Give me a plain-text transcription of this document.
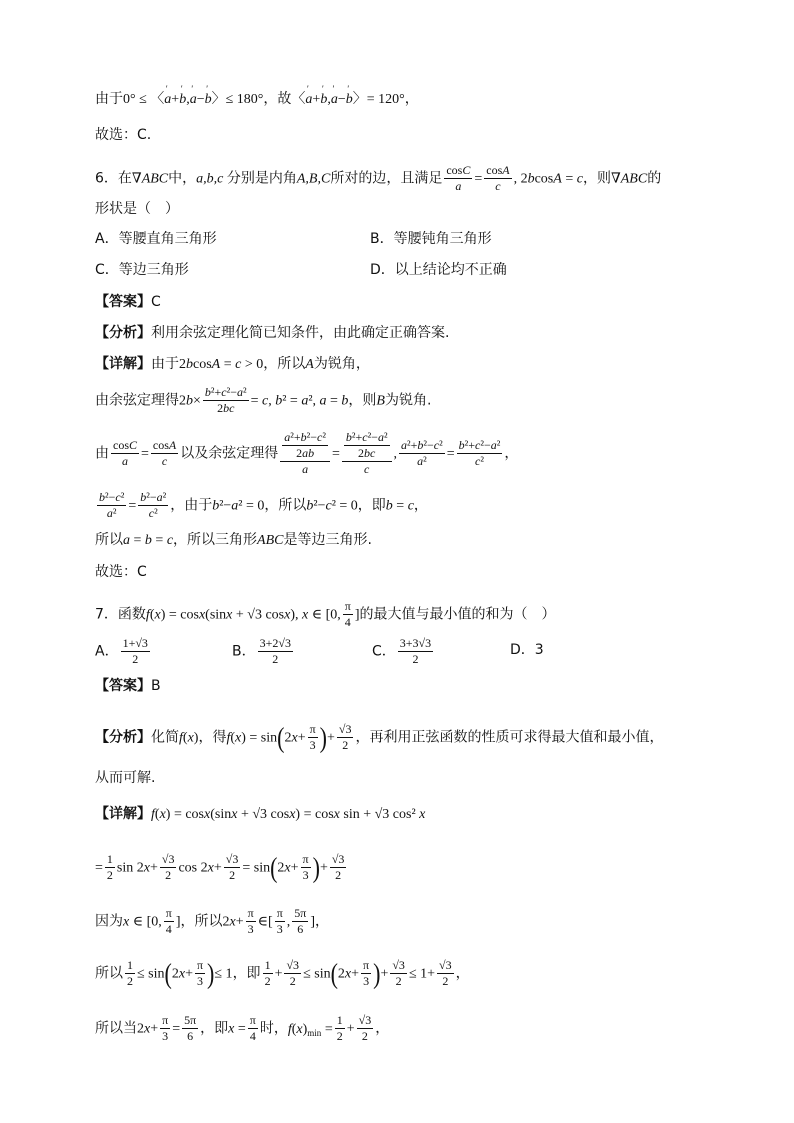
由于0° ≤ 〈' a+' b,' a−' b〉≤ 180°，故〈' a+' b,' a−' b〉= 120°，
故选：C.
6．在∇ABC中，a,b,c 分别是内角A,B,C所对的边，且满足 $\frac{\cos C}{a} = \frac{\cos A}{c}$ , 2bcosA = c，则∇ABC的
形状是（　）
A．等腰直角三角形	B．等腰钝角三角形
C．等边三角形	D．以上结论均不正确
【答案】C
【分析】利用余弦定理化简已知条件，由此确定正确答案.
【详解】由于2bcosA = c > 0，所以A为锐角，
由余弦定理得$2b\times \frac{\text{b²+c²−a²}}{2bc} = c$, b² = a², a = b，则B为锐角.
由 $\frac{\cos C}{a} = \frac{\cos A}{c}$ 以及余弦定理得 $\frac{\frac{\text{a²+b²−c²}}{2ab}}{a} = \frac{\frac{\text{b²+c²−a²}}{2bc}}{c}$ , $\frac{\text{a²+b²−c²}}{\text{a²}} = \frac{\text{b²+c²−a²}}{\text{c²}}$ ，
$\frac{\text{b²−c²}}{\text{a²}} = \frac{\text{b²−a²}}{\text{c²}}$ ，由于b²−a² = 0，所以b²−c² = 0，即b = c，
所以a = b = c，所以三角形ABC是等边三角形.
故选：C
7．函数f(x) = cosx(sinx + √3 cosx), x ∈ [0, $\frac{\pi}{4}$ ]的最大值与最小值的和为（　）
A． $\frac{1+√3}{2}$	B． $\frac{3+2√3}{2}$	C． $\frac{3+3√3}{2}$	D．3
【答案】B
【分析】化简f(x)，得$f(x) = \sin(2x+ \frac{\pi}{3}$ )+ $\frac{√3}{2}$ ，再利用正弦函数的性质可求得最大值和最小值，
从而可解.
【详解】f(x) = cosx(sinx + √3 cosx) = cosx sin + √3 cos² x
= $\frac{1}{2}$ $\sin 2x+ \frac{√3}{2}$ $\cos 2x+ \frac{√3}{2} = \sin(2x+ \frac{\pi}{3}$ )+ $\frac{√3}{2}$
因为x ∈ [0, $\frac{\pi}{4}$ ]，所以$2x+ \frac{\pi}{3}$ ∈[ $\frac{\pi}{3}$ , $\frac{5\pi}{6}$ ]，
所以 $\frac{1}{2} \le \sin(2x+ \frac{\pi}{3}$ )≤ 1，即 $\frac{1}{2} + \frac{√3}{2} \le \sin(2x+ \frac{\pi}{3}$ )+ $\frac{√3}{2} \le 1+ \frac{√3}{2}$ ，
所以当$2x+ \frac{\pi}{3} = \frac{5\pi}{6}$ ，即$x = \frac{\pi}{4}$ 时，$f(x)_{min} = \frac{1}{2} + \frac{√3}{2}$ ，
